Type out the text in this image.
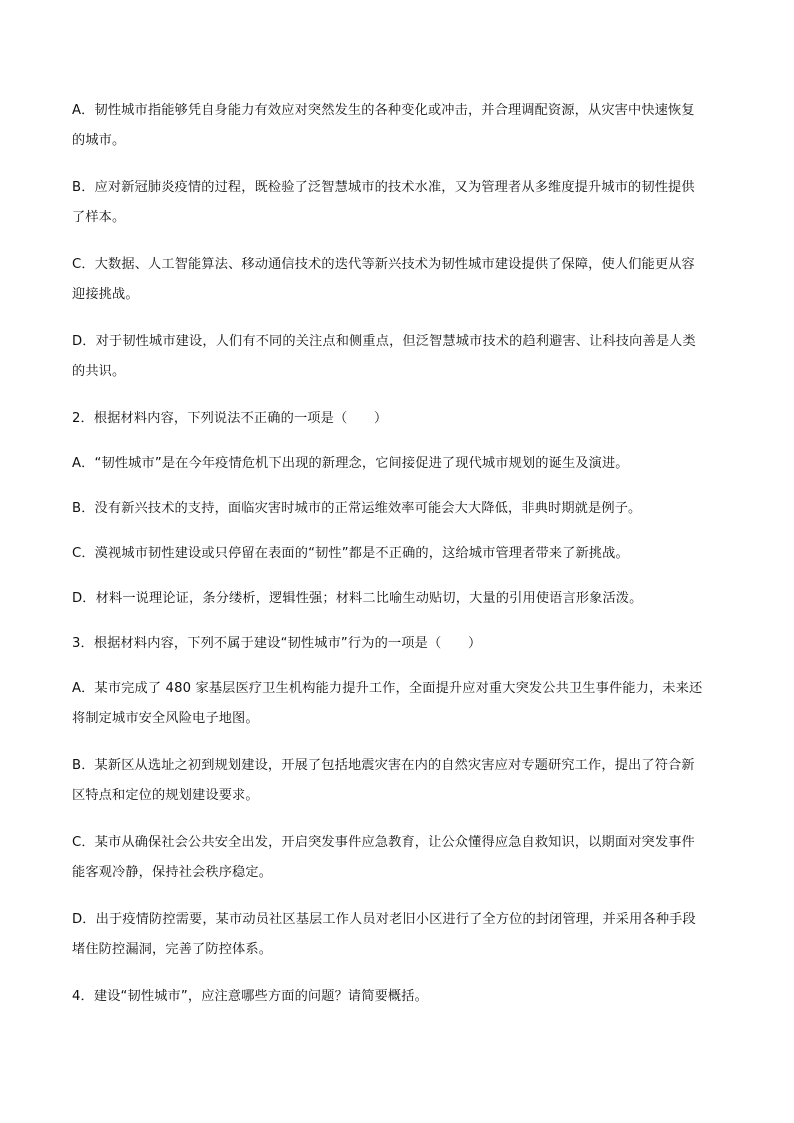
A．韧性城市指能够凭自身能力有效应对突然发生的各种变化或冲击，并合理调配资源，从灾害中快速恢复
的城市。
B．应对新冠肺炎疫情的过程，既检验了泛智慧城市的技术水准，又为管理者从多维度提升城市的韧性提供
了样本。
C．大数据、人工智能算法、移动通信技术的迭代等新兴技术为韧性城市建设提供了保障，使人们能更从容
迎接挑战。
D．对于韧性城市建设，人们有不同的关注点和侧重点，但泛智慧城市技术的趋利避害、让科技向善是人类
的共识。
2．根据材料内容，下列说法不正确的一项是（　　）
A．“韧性城市”是在今年疫情危机下出现的新理念，它间接促进了现代城市规划的诞生及演进。
B．没有新兴技术的支持，面临灾害时城市的正常运维效率可能会大大降低，非典时期就是例子。
C．漠视城市韧性建设或只停留在表面的“韧性”都是不正确的，这给城市管理者带来了新挑战。
D．材料一说理论证，条分缕析，逻辑性强；材料二比喻生动贴切，大量的引用使语言形象活泼。
3．根据材料内容，下列不属于建设“韧性城市”行为的一项是（　　）
A．某市完成了 480 家基层医疗卫生机构能力提升工作，全面提升应对重大突发公共卫生事件能力，未来还
将制定城市安全风险电子地图。
B．某新区从选址之初到规划建设，开展了包括地震灾害在内的自然灾害应对专题研究工作，提出了符合新
区特点和定位的规划建设要求。
C．某市从确保社会公共安全出发，开启突发事件应急教育，让公众懂得应急自救知识，以期面对突发事件
能客观冷静，保持社会秩序稳定。
D．出于疫情防控需要，某市动员社区基层工作人员对老旧小区进行了全方位的封闭管理，并采用各种手段
堵住防控漏洞，完善了防控体系。
4．建设“韧性城市”，应注意哪些方面的问题？请简要概括。
